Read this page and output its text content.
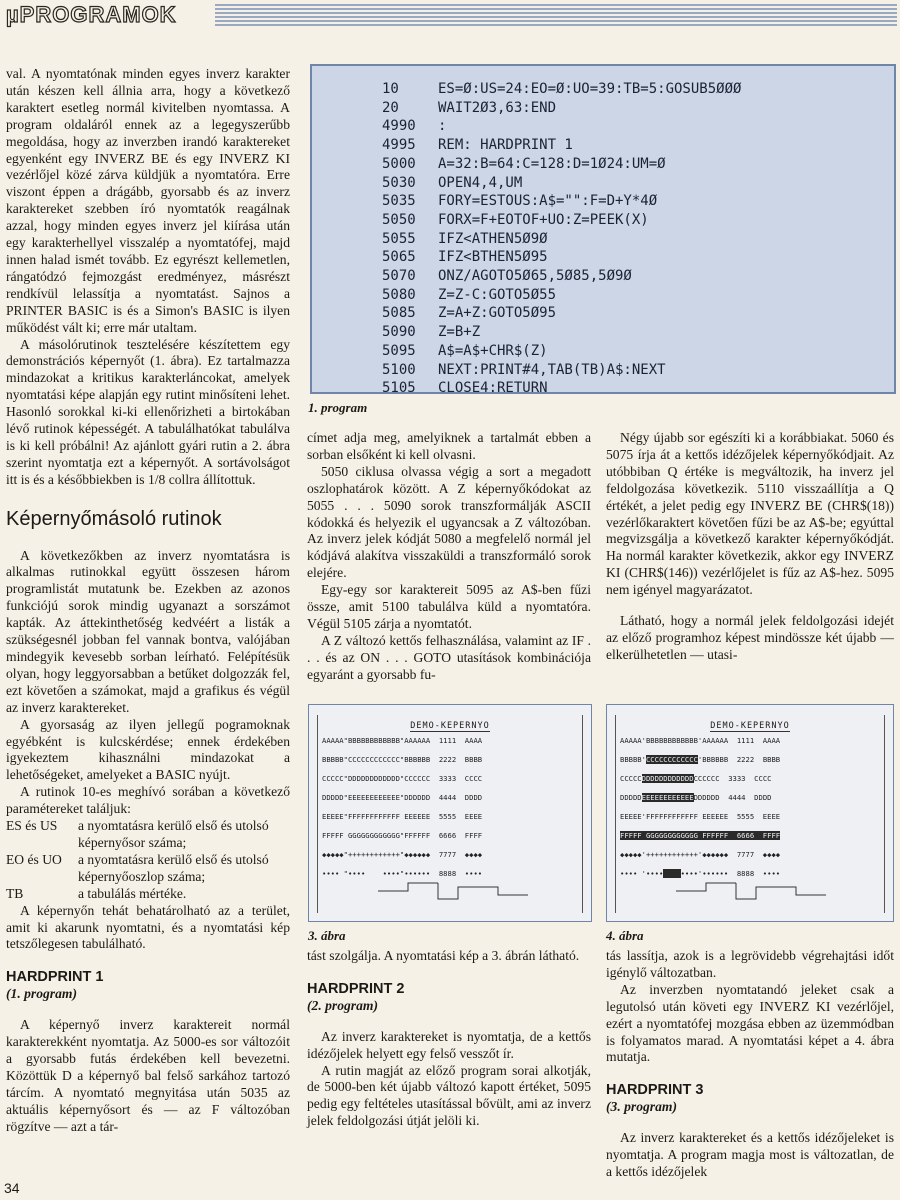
µPROGRAMOK

val. A nyomtatónak minden egyes inverz karakter után készen kell állnia arra, hogy a következő karaktert esetleg normál kivitelben nyomtassa. A program oldaláról ennek az a legegyszerűbb megoldása, hogy az inverzben irandó karaktereket egyenként egy INVERZ BE és egy INVERZ KI vezérlőjel közé zárva küldjük a nyomtatóra. Erre viszont éppen a drágább, gyorsabb és az inverz karaktereket szebben író nyomtatók reagálnak azzal, hogy minden egyes inverz jel kiírása után egy karakterhellyel visszalép a nyomtatófej, majd innen halad ismét tovább. Ez egyrészt kellemetlen, rángatódzó fejmozgást eredményez, másrészt rendkívül lelassítja a nyomtatást. Sajnos a PRINTER BASIC is és a Simon's BASIC is ilyen működést vált ki; erre már utaltam.

A másolórutinok tesztelésére készítettem egy demonstrációs képernyőt (1. ábra). Ez tartalmazza mindazokat a kritikus karakterláncokat, amelyek nyomtatási képe alapján egy rutint minősíteni lehet. Hasonló sorokkal ki-ki ellenőrizheti a birtokában lévő rutinok képességét. A tabulálhatókat tabulálva is ki kell próbálni! Az ajánlott gyári rutin a 2. ábra szerint nyomtatja ezt a képernyőt. A sortávolságot itt is és a későbbiekben is 1/8 collra állítottuk.

Képernyőmásoló rutinok

A következőkben az inverz nyomtatásra is alkalmas rutinokkal együtt összesen három programlistát mutatunk be. Ezekben az azonos funkciójú sorok mindig ugyanazt a sorszámot kapták. Az áttekinthetőség kedvéért a listák a szükségesnél jobban fel vannak bontva, valójában mindegyik kevesebb sorban leírható. Felépítésük olyan, hogy leggyorsabban a betűket dolgozzák fel, ezt követően a számokat, majd a grafikus és végül az inverz karaktereket.

A gyorsaság az ilyen jellegű pogramoknak egyébként is kulcskérdése; ennek érdekében igyekeztem kihasználni mindazokat a lehetőségeket, amelyeket a BASIC nyújt.

A rutinok 10-es meghívó sorában a következő paramétereket találjuk:

ES és US	a nyomtatásra kerülő első és utolsó képernyősor száma;
EO és UO	a nyomtatásra kerülő első és utolsó képernyőoszlop száma;
TB	a tabulálás mértéke.

A képernyőn tehát behatárolható az a terület, amit ki akarunk nyomtatni, és a nyomtatási kép tetszőlegesen tabulálható.

HARDPRINT 1
(1. program)

A képernyő inverz karaktereit normál karakterekként nyomtatja. Az 5000-es sor változóit a gyorsabb futás érdekében kell bevezetni. Közöttük D a képernyő bal felső sarkához tartozó tárcím. A nyomtató megnyitása után 5035 az aktuális képernyősort és — az F változóban rögzítve — azt a tár-

10	ES=Ø:US=24:EO=Ø:UO=39:TB=5:GOSUB5ØØØ
20	WAIT2Ø3,63:END
4990	:
4995	REM: HARDPRINT 1
5000	A=32:B=64:C=128:D=1Ø24:UM=Ø
5030	OPEN4,4,UM
5035	FORY=ESTOUS:A$="":F=D+Y*4Ø
5050	FORX=F+EOTOF+UO:Z=PEEK(X)
5055	IFZ<ATHEN5Ø9Ø
5065	IFZ<BTHEN5Ø95
5070	ONZ/AGOTO5Ø65,5Ø85,5Ø9Ø
5080	Z=Z-C:GOTO5Ø55
5085	Z=A+Z:GOTO5Ø95
5090	Z=B+Z
5095	A$=A$+CHR$(Z)
5100	NEXT:PRINT#4,TAB(TB)A$:NEXT
5105	CLOSE4:RETURN
1. program

címet adja meg, amelyiknek a tartalmát ebben a sorban elsőként ki kell olvasni.

5050 ciklusa olvassa végig a sort a megadott oszlophatárok között. A Z képernyőkódokat az 5055 . . . 5090 sorok transzformálják ASCII kódokká és helyezik el ugyancsak a Z változóban. Az inverz jelek kódját 5080 a megfelelő normál jel kódjává alakítva visszaküldi a transzformáló sorok elejére.

Egy-egy sor karaktereit 5095 az A$-ben fűzi össze, amit 5100 tabulálva küld a nyomtatóra. Végül 5105 zárja a nyomtatót.

A Z változó kettős felhasználása, valamint az IF . . . és az ON . . . GOTO utasítások kombinációja egyaránt a gyorsabb fu-

Négy újabb sor egészíti ki a korábbiakat. 5060 és 5075 írja át a kettős idézőjelek képernyőkódjait. Az utóbbiban Q értéke is megváltozik, ha inverz jel feldolgozása következik. 5110 visszaállítja a Q értékét, a jelet pedig egy INVERZ BE (CHR$(18)) vezérlőkaraktert követően fűzi be az A$-be; egyúttal megvizsgálja a következő karakter képernyőkódját. Ha normál karakter következik, akkor egy INVERZ KI (CHR$(146)) vezérlőjelet is fűz az A$-hez. 5095 nem igényel magyarázatot.

Látható, hogy a normál jelek feldolgozási idejét az előző programhoz képest mindössze két újabb — elkerülhetetlen — utasi-

DEMO-KEPERNYO
AAAAA"BBBBBBBBBBBB"AAAAAA  1111  AAAA
BBBBB"CCCCCCCCCCCC"BBBBBB  2222  BBBB
CCCCC"DDDDDDDDDDDD"CCCCCC  3333  CCCC
DDDDD"EEEEEEEEEEEE"DDDDDD  4444  DDDD
EEEEE"FFFFFFFFFFFF EEEEEE  5555  EEEE
FFFFF GGGGGGGGGGGG"FFFFFF  6666  FFFF
◆◆◆◆◆"++++++++++++"◆◆◆◆◆◆  7777  ◆◆◆◆
•••• "••••    ••••"••••••  8888  ••••
3. ábra
DEMO-KEPERNYO
AAAAA'BBBBBBBBBBBB'AAAAAA  1111  AAAA
BBBBB'CCCCCCCCCCCC'BBBBBB  2222  BBBB
CCCCCDDDDDDDDDDDDCCCCCC  3333  CCCC
DDDDDEEEEEEEEEEEEDDDDDD  4444  DDDD
EEEEE'FFFFFFFFFFFF EEEEEE  5555  EEEE
FFFFF GGGGGGGGGGGG FFFFFF  6666  FFFF
◆◆◆◆◆'++++++++++++'◆◆◆◆◆◆  7777  ◆◆◆◆
•••• '•••• ••••'••••••  8888  ••••
4. ábra

tást szolgálja. A nyomtatási kép a 3. ábrán látható.

HARDPRINT 2
(2. program)

Az inverz karaktereket is nyomtatja, de a kettős idézőjelek helyett egy felső vesszőt ír.

A rutin magját az előző program sorai alkotják, de 5000-ben két újabb változó kapott értéket, 5095 pedig egy feltételes utasítással bővült, ami az inverz jelek feldolgozási útját jelöli ki.

tás lassítja, azok is a legrövidebb végrehajtási időt igénylő változatban.

Az inverzben nyomtatandó jeleket csak a legutolsó után követi egy INVERZ KI vezérlőjel, ezért a nyomtatófej mozgása ebben az üzemmódban is folyamatos marad. A nyomtatási képet a 4. ábra mutatja.

HARDPRINT 3
(3. program)

Az inverz karaktereket és a kettős idézőjeleket is nyomtatja. A program magja most is változatlan, de a kettős idézőjelek

34
